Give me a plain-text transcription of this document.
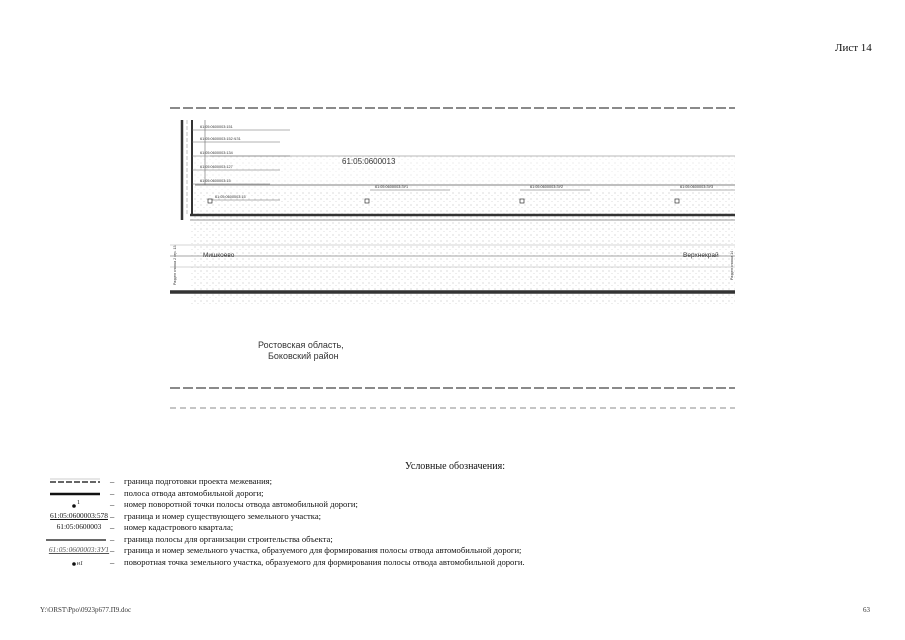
Лист 14
61:05:0600003:151
61:05:0600003:152:ЧЗ1
61:05:0600003:134
61:05:0600003:127
61:05:0600003:15
61:05:0600003:15
61:05:0600003:ЗУ1	61:05:0600003:ЗУ2	61:05:0600003:ЗУ3
61:05:0600013
Мишкоево	Верхнекрай
Ростовская область,
Боковский район
Раздел сноска 2 стр. 13	Раздел сноска 14
Условные обозначения:
– граница подготовки проекта межевания;
– полоса отвода автомобильной дороги;
1	– номер поворотной точки полосы отвода автомобильной дороги;
61:05:0600003:578 – граница и номер существующего земельного участка;
61:05:0600003	– номер кадастрового квартала;
– граница полосы для организации строительства объекта;
61:05:0600003:ЗУ1 – граница и номер земельного участка, образуемого для формирования полосы отвода автомобильной дороги;
н1	– поворотная точка земельного участка, образуемого для формирования полосы отвода автомобильной дороги.
Y:\ORST\Ppo\0923p677.П9.doc	63
